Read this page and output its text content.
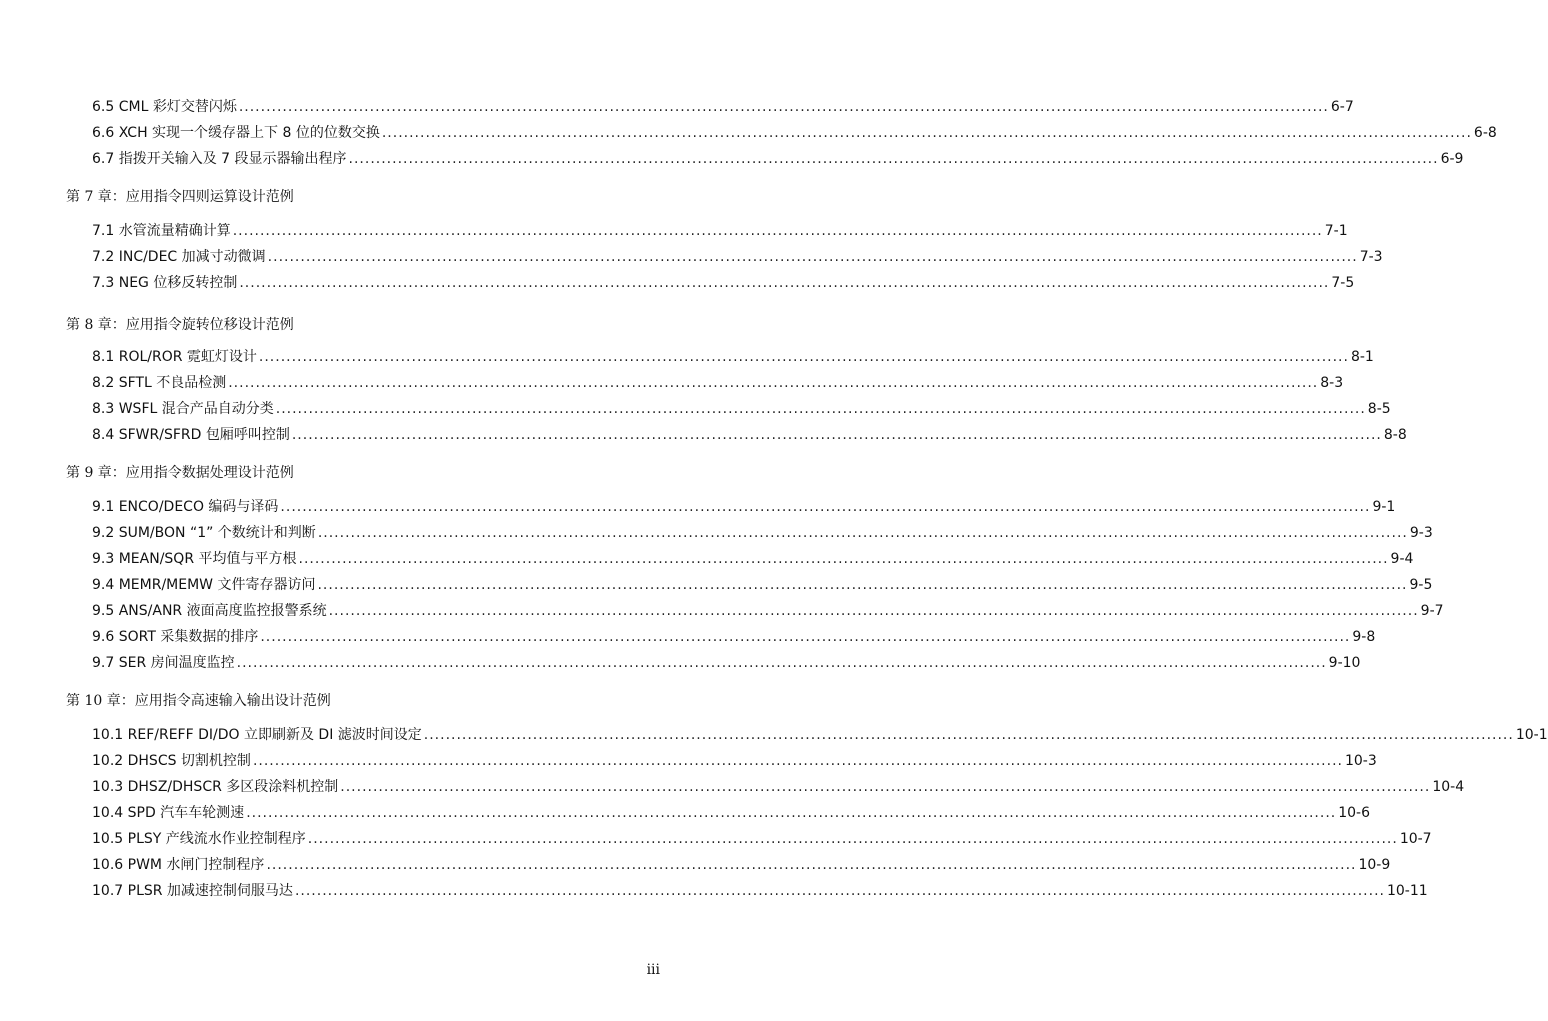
6.5 CML 彩灯交替闪烁 ........................................................................................................................................................................................................ 6-7
6.6 XCH 实现一个缓存器上下 8 位的位数交换 ........................................................................................................................................................................................................ 6-8
6.7 指拨开关输入及 7 段显示器输出程序 ........................................................................................................................................................................................................ 6-9
第 7 章：应用指令四则运算设计范例
7.1 水管流量精确计算 ........................................................................................................................................................................................................ 7-1
7.2 INC/DEC 加减寸动微调 ........................................................................................................................................................................................................ 7-3
7.3 NEG 位移反转控制 ........................................................................................................................................................................................................ 7-5
第 8 章：应用指令旋转位移设计范例
8.1 ROL/ROR 霓虹灯设计 ........................................................................................................................................................................................................ 8-1
8.2 SFTL 不良品检测 ........................................................................................................................................................................................................ 8-3
8.3 WSFL 混合产品自动分类 ........................................................................................................................................................................................................ 8-5
8.4 SFWR/SFRD 包厢呼叫控制 ........................................................................................................................................................................................................ 8-8
第 9 章：应用指令数据处理设计范例
9.1 ENCO/DECO 编码与译码 ........................................................................................................................................................................................................ 9-1
9.2 SUM/BON “1” 个数统计和判断 ........................................................................................................................................................................................................ 9-3
9.3 MEAN/SQR 平均值与平方根 ........................................................................................................................................................................................................ 9-4
9.4 MEMR/MEMW 文件寄存器访问 ........................................................................................................................................................................................................ 9-5
9.5 ANS/ANR 液面高度监控报警系统 ........................................................................................................................................................................................................ 9-7
9.6 SORT 采集数据的排序 ........................................................................................................................................................................................................ 9-8
9.7 SER 房间温度监控 ........................................................................................................................................................................................................ 9-10
第 10 章：应用指令高速输入输出设计范例
10.1 REF/REFF DI/DO 立即刷新及 DI 滤波时间设定 ........................................................................................................................................................................................................ 10-1
10.2 DHSCS 切割机控制 ........................................................................................................................................................................................................ 10-3
10.3 DHSZ/DHSCR 多区段涂料机控制 ........................................................................................................................................................................................................ 10-4
10.4 SPD 汽车车轮测速 ........................................................................................................................................................................................................ 10-6
10.5 PLSY 产线流水作业控制程序 ........................................................................................................................................................................................................ 10-7
10.6 PWM 水闸门控制程序 ........................................................................................................................................................................................................ 10-9
10.7 PLSR 加减速控制伺服马达 ........................................................................................................................................................................................................ 10-11
iii
